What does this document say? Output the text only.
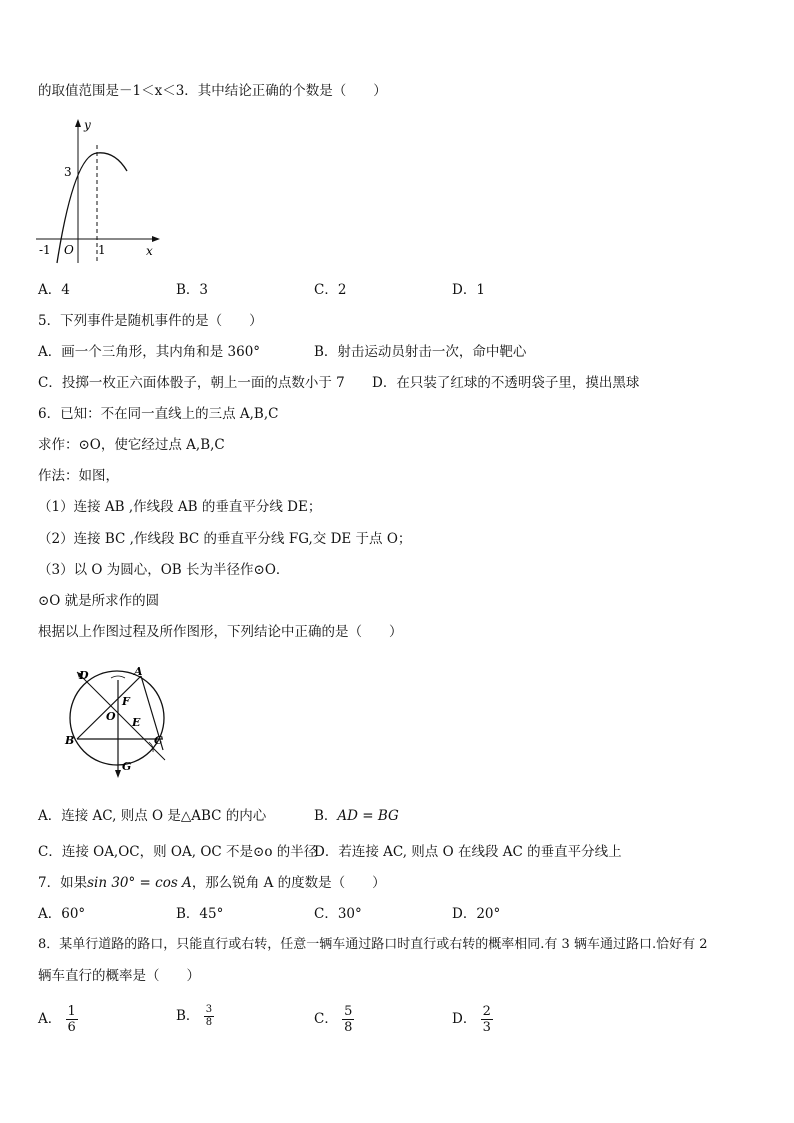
的取值范围是－1＜x＜3．其中结论正确的个数是（　　）
y
x
O
-1	1
3
A．4	B．3	C．2	D．1
5．下列事件是随机事件的是（　　）
A．画一个三角形，其内角和是 360°	B．射击运动员射击一次，命中靶心
C．投掷一枚正六面体骰子，朝上一面的点数小于 7 D．在只装了红球的不透明袋子里，摸出黑球
6．已知：不在同一直线上的三点 A,B,C
求作：⊙O，使它经过点 A,B,C
作法：如图，
（1）连接 AB ,作线段 AB 的垂直平分线 DE；
（2）连接 BC ,作线段 BC 的垂直平分线 FG,交 DE 于点 O；
（3）以 O 为圆心，OB 长为半径作⊙O．
⊙O 就是所求作的圆
根据以上作图过程及所作图形，下列结论中正确的是（　　）
D	A
F
O E
B	C
G
A．连接 AC, 则点 O 是△ABC 的内心	B．AD = BG
C．连接 OA,OC，则 OA, OC 不是⊙o 的半径
D．若连接 AC, 则点 O 在线段 AC 的垂直平分线上
7．如果sin 30° = cos A，那么锐角 A 的度数是（　　）
A．60°	B．45°	C．30°	D．20°
8．某单行道路的路口，只能直行或右转，任意一辆车通过路口时直行或右转的概率相同.有 3 辆车通过路口.恰好有 2
辆车直行的概率是（　　）
A． $\frac{1}{6}$	B． $\frac{3}{8}$	C． $\frac{5}{8}$	D． $\frac{2}{3}$
